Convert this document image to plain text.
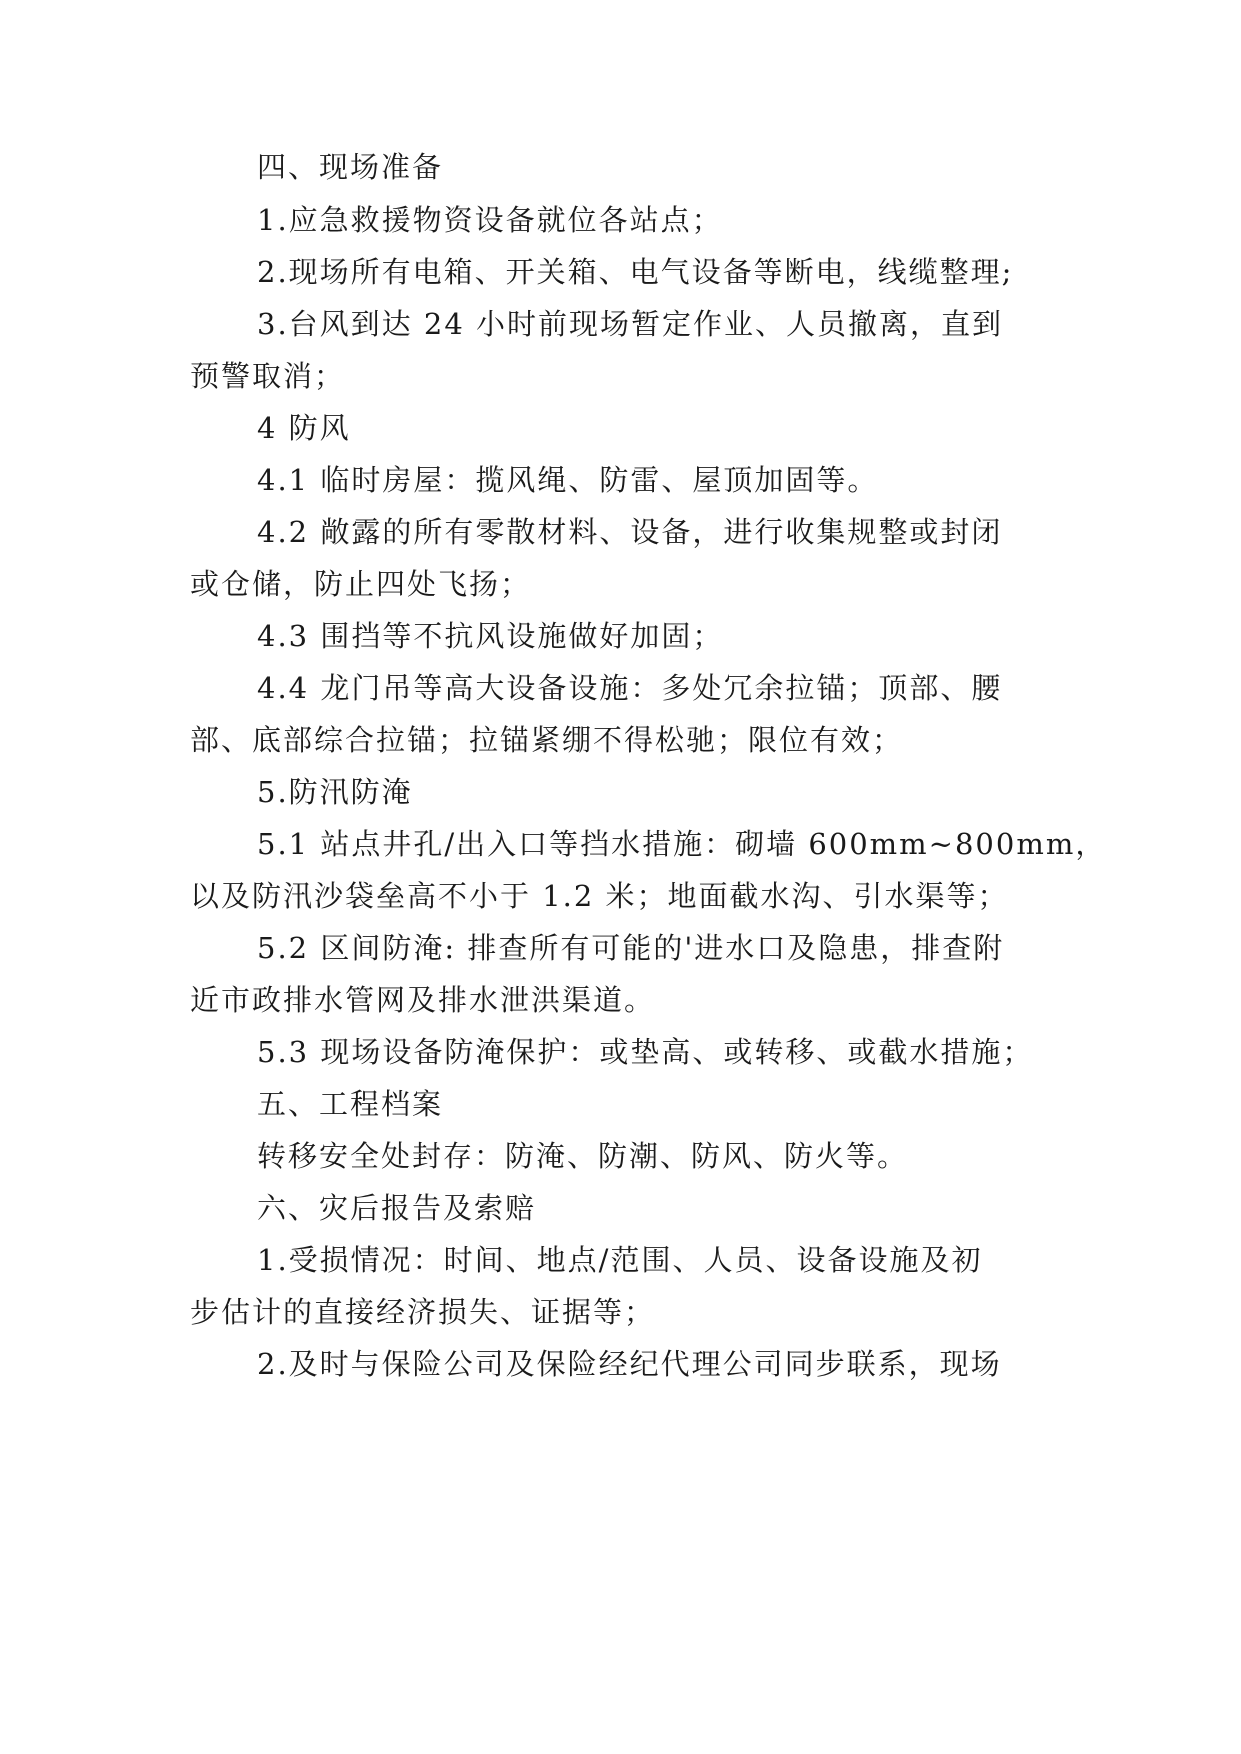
四、现场准备
1.应急救援物资设备就位各站点；
2.现场所有电箱、开关箱、电气设备等断电，线缆整理;
3.台风到达 24 小时前现场暂定作业、人员撤离，直到
预警取消；
4 防风
4.1 临时房屋：揽风绳、防雷、屋顶加固等。
4.2 敞露的所有零散材料、设备，进行收集规整或封闭
或仓储，防止四处飞扬；
4.3 围挡等不抗风设施做好加固；
4.4 龙门吊等高大设备设施：多处冗余拉锚；顶部、腰
部、底部综合拉锚；拉锚紧绷不得松驰；限位有效；
5.防汛防淹
5.1 站点井孔/出入口等挡水措施：砌墙 600mm~800mm，
以及防汛沙袋垒高不小于 1.2 米；地面截水沟、引水渠等；
5.2 区间防淹: 排查所有可能的'进水口及隐患，排查附
近市政排水管网及排水泄洪渠道。
5.3 现场设备防淹保护：或垫高、或转移、或截水措施；
五、工程档案
转移安全处封存：防淹、防潮、防风、防火等。
六、灾后报告及索赔
1.受损情况：时间、地点/范围、人员、设备设施及初
步估计的直接经济损失、证据等；
2.及时与保险公司及保险经纪代理公司同步联系，现场
